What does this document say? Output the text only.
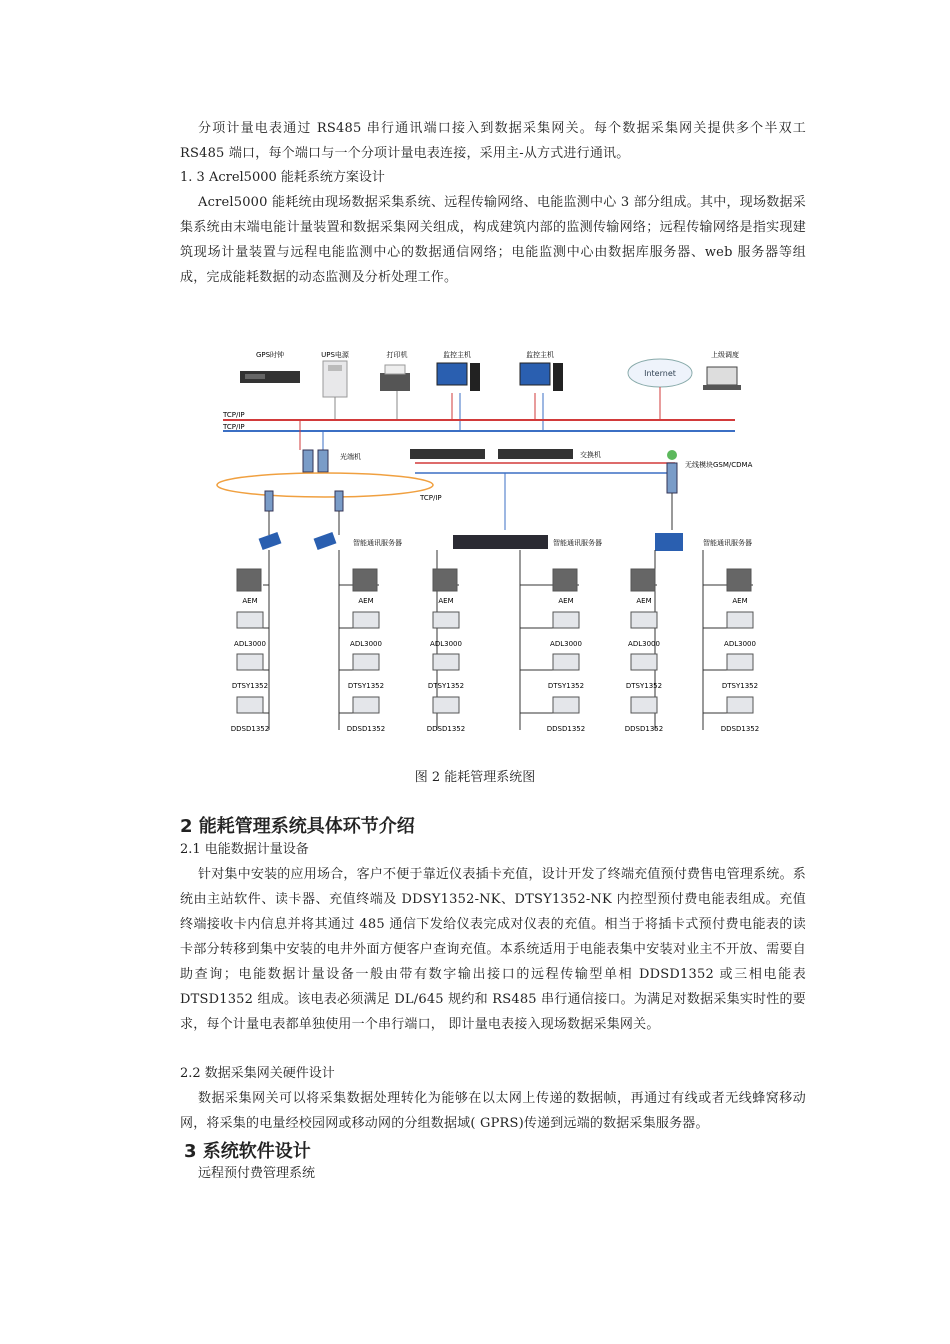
分项计量电表通过 RS485 串行通讯端口接入到数据采集网关。每个数据采集网关提供多个半双工 RS485 端口，每个端口与一个分项计量电表连接，采用主-从方式进行通讯。

1. 3 Acrel5000 能耗系统方案设计

Acrel5000 能耗统由现场数据采集系统、远程传输网络、电能监测中心 3 部分组成。其中，现场数据采集系统由末端电能计量装置和数据采集网关组成，构成建筑内部的监测传输网络；远程传输网络是指实现建筑现场计量装置与远程电能监测中心的数据通信网络；电能监测中心由数据库服务器、web 服务器等组成，完成能耗数据的动态监测及分析处理工作。

GPS时钟	UPS电源	打印机	监控主机	监控主机
Internet
上级调度
TCP/IP
TCP/IP
光端机	交换机
TCP/IP
无线模块GSM/CDMA
智能通讯服务器	智能通讯服务器	智能通讯服务器
AEM
ADL3000
DTSY1352
DDSD1352
AEM
ADL3000
DTSY1352
DDSD1352
AEM
ADL3000
DTSY1352
DDSD1352
AEM
ADL3000
DTSY1352
DDSD1352
AEM
ADL3000
DTSY1352
DDSD1352
AEM
ADL3000
DTSY1352
DDSD1352

图 2 能耗管理系统图

2 能耗管理系统具体环节介绍

2.1 电能数据计量设备

针对集中安装的应用场合，客户不便于靠近仪表插卡充值，设计开发了终端充值预付费售电管理系统。系统由主站软件、读卡器、充值终端及 DDSY1352-NK、DTSY1352-NK 内控型预付费电能表组成。充值终端接收卡内信息并将其通过 485 通信下发给仪表完成对仪表的充值。相当于将插卡式预付费电能表的读卡部分转移到集中安装的电井外面方便客户查询充值。本系统适用于电能表集中安装对业主不开放、需要自助查询；电能数据计量设备一般由带有数字输出接口的远程传输型单相 DDSD1352 或三相电能表 DTSD1352 组成。该电表必须满足 DL/645 规约和 RS485 串行通信接口。为满足对数据采集实时性的要求，每个计量电表都单独使用一个串行端口， 即计量电表接入现场数据采集网关。

2.2 数据采集网关硬件设计

数据采集网关可以将采集数据处理转化为能够在以太网上传递的数据帧，再通过有线或者无线蜂窝移动网，将采集的电量经校园网或移动网的分组数据域( GPRS)传递到远端的数据采集服务器。

3 系统软件设计

远程预付费管理系统
